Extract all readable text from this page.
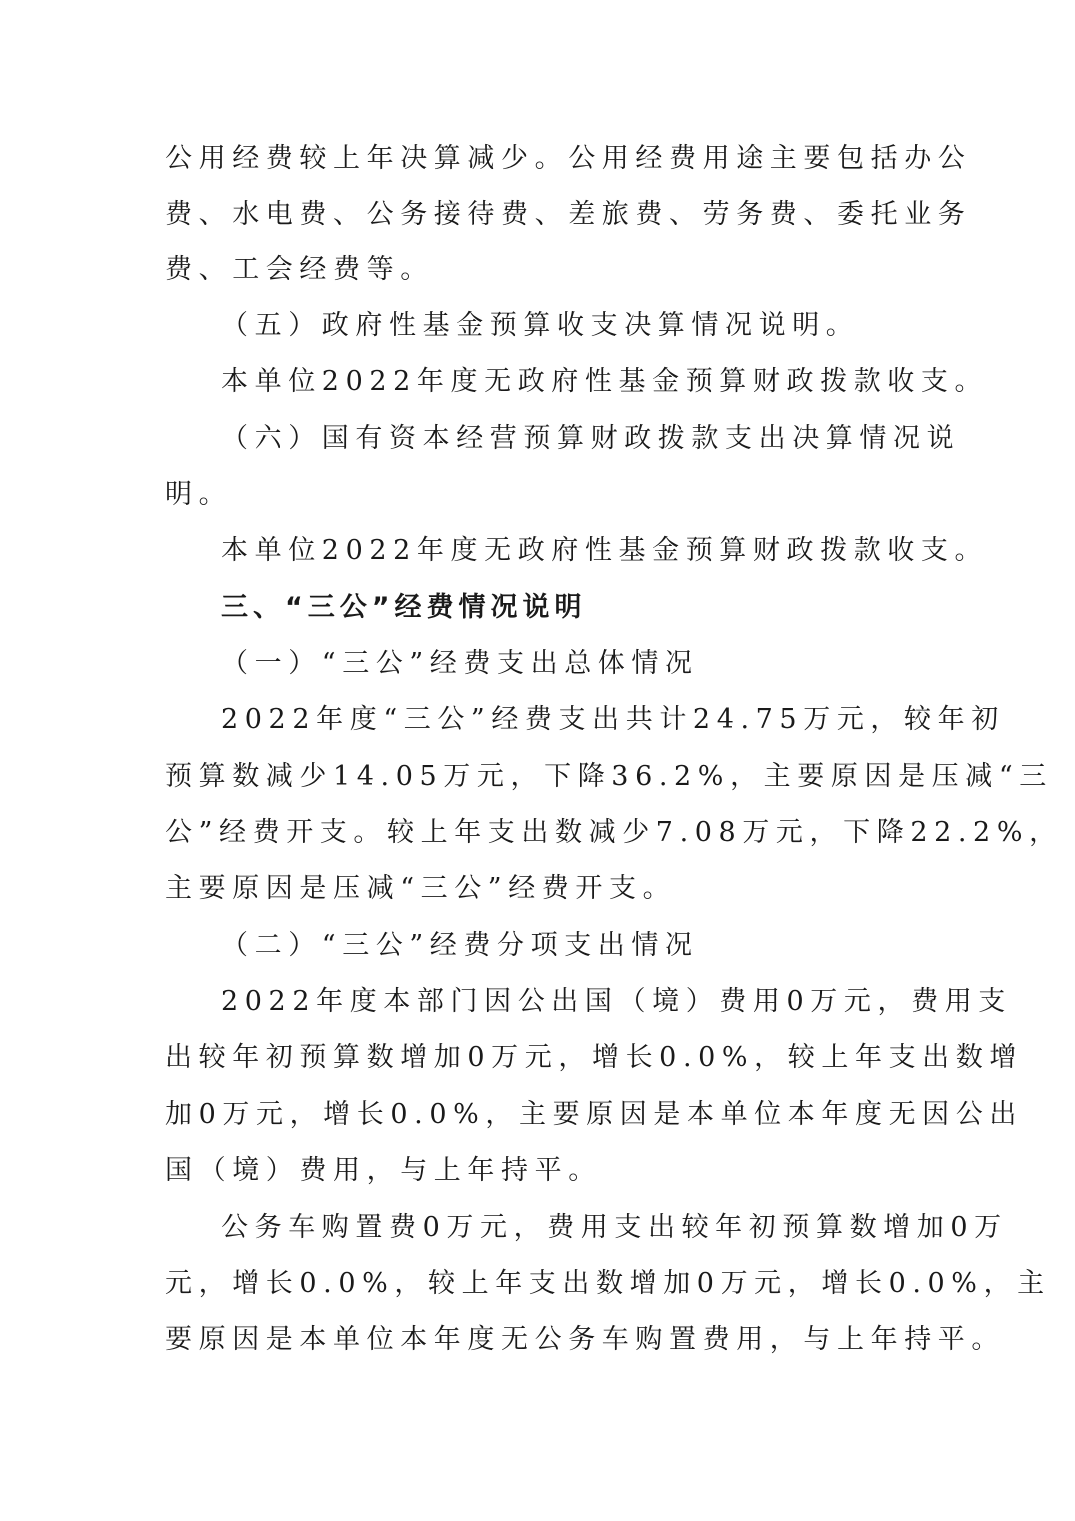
公用经费较上年决算减少。公用经费用途主要包括办公
费、水电费、公务接待费、差旅费、劳务费、委托业务
费、工会经费等。
（五）政府性基金预算收支决算情况说明。
本单位2022年度无政府性基金预算财政拨款收支。
（六）国有资本经营预算财政拨款支出决算情况说
明。
本单位2022年度无政府性基金预算财政拨款收支。
三、“三公”经费情况说明
（一）“三公”经费支出总体情况
2022年度“三公”经费支出共计24.75万元，较年初
预算数减少14.05万元，下降36.2%，主要原因是压减“三
公”经费开支。较上年支出数减少7.08万元，下降22.2%，
主要原因是压减“三公”经费开支。
（二）“三公”经费分项支出情况
2022年度本部门因公出国（境）费用0万元，费用支
出较年初预算数增加0万元，增长0.0%，较上年支出数增
加0万元，增长0.0%，主要原因是本单位本年度无因公出
国（境）费用，与上年持平。
公务车购置费0万元，费用支出较年初预算数增加0万
元，增长0.0%，较上年支出数增加0万元，增长0.0%，主
要原因是本单位本年度无公务车购置费用，与上年持平。
